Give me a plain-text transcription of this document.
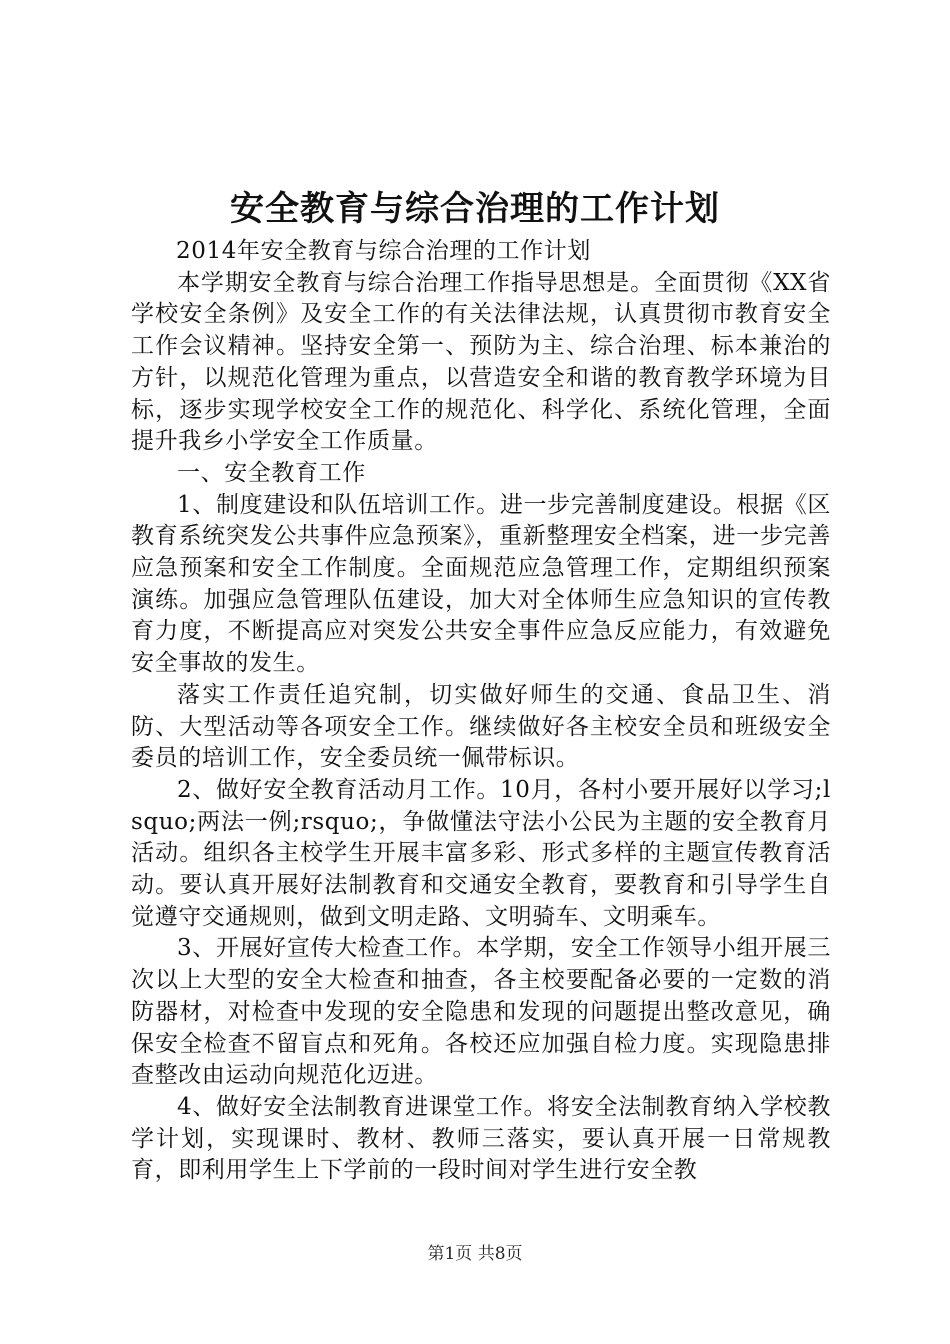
安全教育与综合治理的工作计划

2014年安全教育与综合治理的工作计划

本学期安全教育与综合治理工作指导思想是。全面贯彻《XX省学校安全条例》及安全工作的有关法律法规，认真贯彻市教育安全工作会议精神。坚持安全第一、预防为主、综合治理、标本兼治的方针，以规范化管理为重点，以营造安全和谐的教育教学环境为目标，逐步实现学校安全工作的规范化、科学化、系统化管理，全面提升我乡小学安全工作质量。

一、安全教育工作

1、制度建设和队伍培训工作。进一步完善制度建设。根据《区教育系统突发公共事件应急预案》，重新整理安全档案，进一步完善应急预案和安全工作制度。全面规范应急管理工作，定期组织预案演练。加强应急管理队伍建设，加大对全体师生应急知识的宣传教育力度，不断提高应对突发公共安全事件应急反应能力，有效避免安全事故的发生。

落实工作责任追究制，切实做好师生的交通、食品卫生、消防、大型活动等各项安全工作。继续做好各主校安全员和班级安全委员的培训工作，安全委员统一佩带标识。

2、做好安全教育活动月工作。10月，各村小要开展好以学习;lsquo;两法一例;rsquo;，争做懂法守法小公民为主题的安全教育月活动。组织各主校学生开展丰富多彩、形式多样的主题宣传教育活动。要认真开展好法制教育和交通安全教育，要教育和引导学生自觉遵守交通规则，做到文明走路、文明骑车、文明乘车。

3、开展好宣传大检查工作。本学期，安全工作领导小组开展三次以上大型的安全大检查和抽查，各主校要配备必要的一定数的消防器材，对检查中发现的安全隐患和发现的问题提出整改意见，确保安全检查不留盲点和死角。各校还应加强自检力度。实现隐患排查整改由运动向规范化迈进。

4、做好安全法制教育进课堂工作。将安全法制教育纳入学校教学计划，实现课时、教材、教师三落实，要认真开展一日常规教育，即利用学生上下学前的一段时间对学生进行安全教

第1页 共8页
